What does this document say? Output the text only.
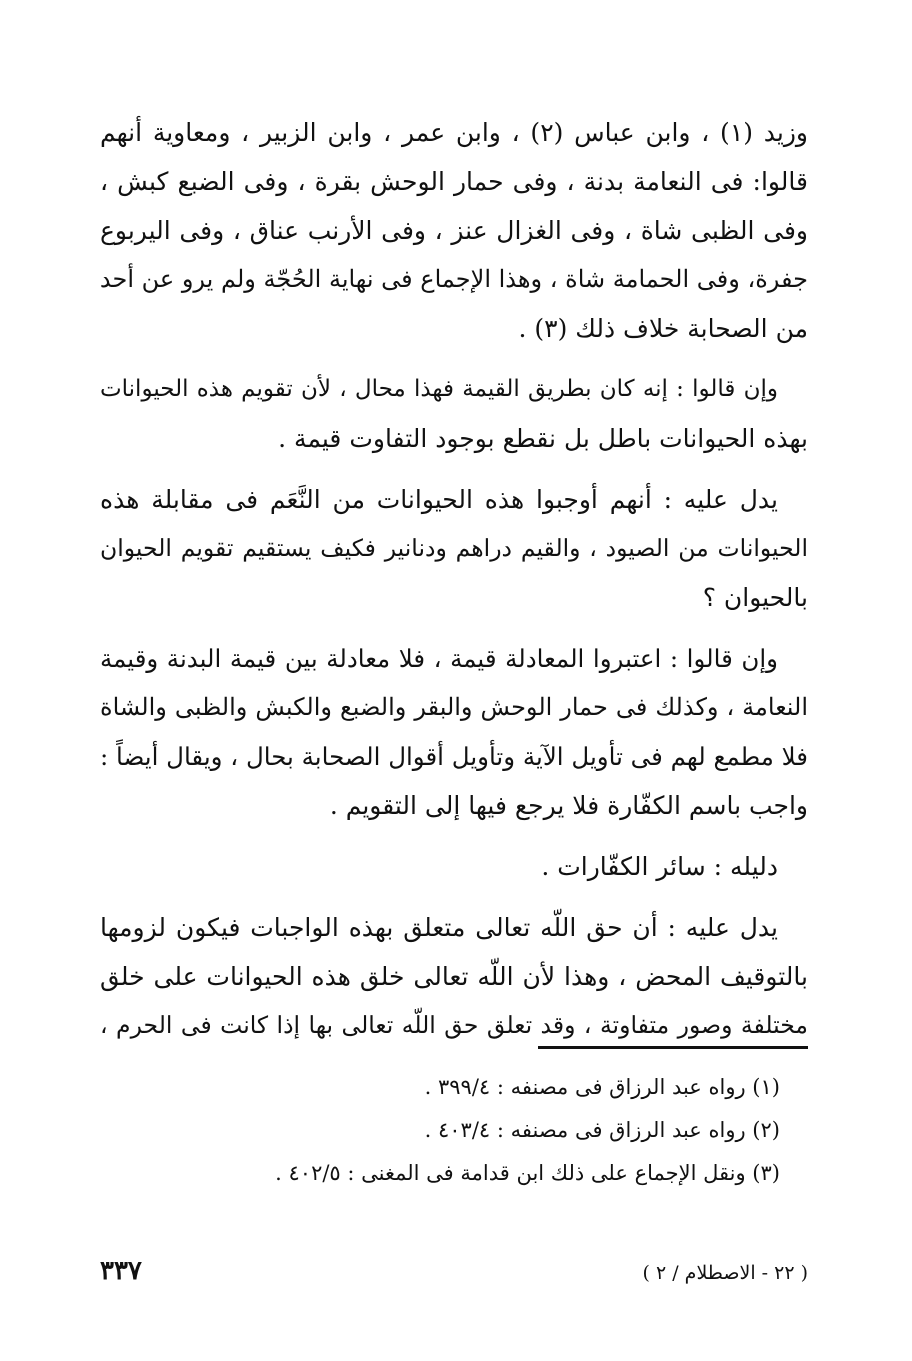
وزيد (١) ، وابن عباس (٢) ، وابن عمر ، وابن الزبير ، ومعاوية أنهم
قالوا: فى النعامة بدنة ، وفى حمار الوحش بقرة ، وفى الضبع كبش ،
وفى الظبى شاة ، وفى الغزال عنز ، وفى الأرنب عناق ، وفى اليربوع
جفرة، وفى الحمامة شاة ، وهذا الإجماع فى نهاية الحُجّة ولم يرو عن أحد
من الصحابة خلاف ذلك (٣) .

وإن قالوا : إنه كان بطريق القيمة فهذا محال ، لأن تقويم هذه الحيوانات
بهذه الحيوانات باطل بل نقطع بوجود التفاوت قيمة .

يدل عليه : أنهم أوجبوا هذه الحيوانات من النَّعَم فى مقابلة هذه
الحيوانات من الصيود ، والقيم دراهم ودنانير فكيف يستقيم تقويم الحيوان
بالحيوان ؟

وإن قالوا : اعتبروا المعادلة قيمة ، فلا معادلة بين قيمة البدنة وقيمة
النعامة ، وكذلك فى حمار الوحش والبقر والضبع والكبش والظبى والشاة
فلا مطمع لهم فى تأويل الآية وتأويل أقوال الصحابة بحال ، ويقال أيضاً :
واجب باسم الكفّارة فلا يرجع فيها إلى التقويم .

دليله : سائر الكفّارات .

يدل عليه : أن حق اللّه تعالى متعلق بهذه الواجبات فيكون لزومها
بالتوقيف المحض ، وهذا لأن اللّه تعالى خلق هذه الحيوانات على خلق
مختلفة وصور متفاوتة ، وقد تعلق حق اللّه تعالى بها إذا كانت فى الحرم ،

(١) رواه عبد الرزاق فى مصنفه : ٣٩٩/٤ .
(٢) رواه عبد الرزاق فى مصنفه : ٤٠٣/٤ .
(٣) ونقل الإجماع على ذلك ابن قدامة فى المغنى : ٤٠٢/٥ .
٣٣٧	( ٢٢ - الاصطلام / ٢ )
